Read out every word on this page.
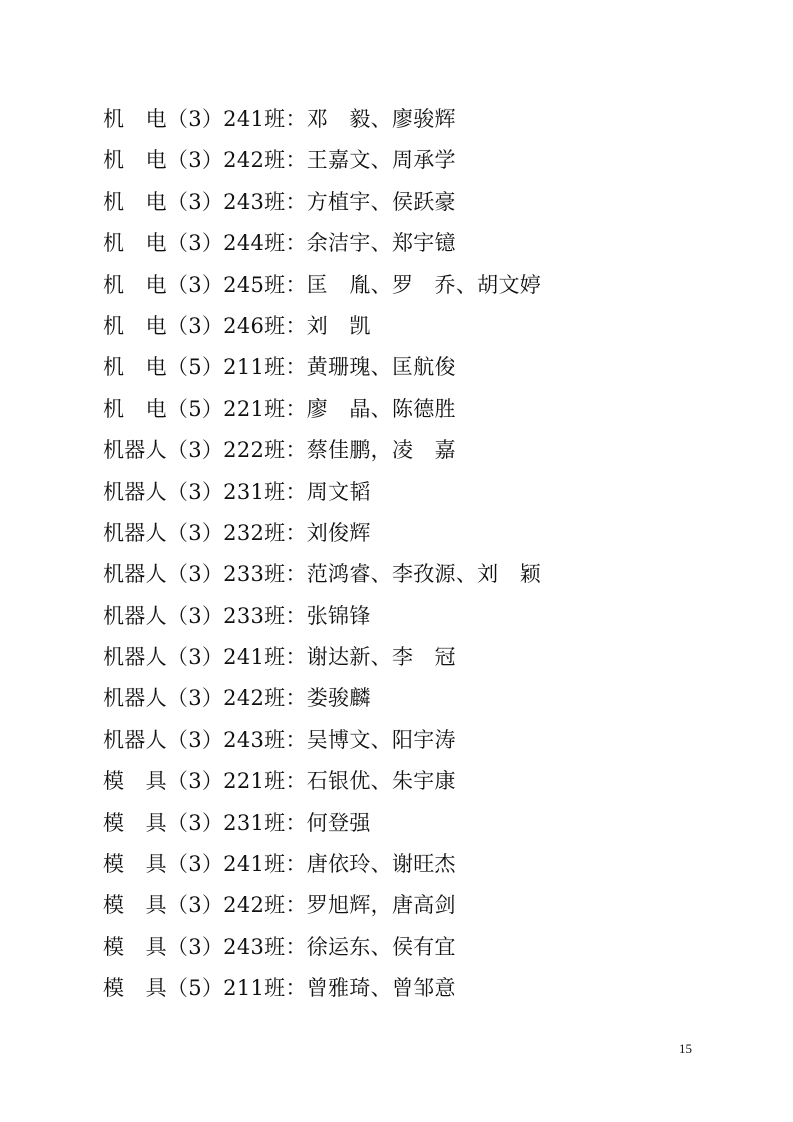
机　电（3）241班：邓　毅、廖骏辉
机　电（3）242班：王嘉文、周承学
机　电（3）243班：方植宇、侯跃豪
机　电（3）244班：余洁宇、郑宇镱
机　电（3）245班：匡　胤、罗　乔、胡文婷
机　电（3）246班：刘　凯
机　电（5）211班：黄珊瑰、匡航俊
机　电（5）221班：廖　晶、陈德胜
机器人（3）222班：蔡佳鹏，凌　嘉
机器人（3）231班：周文韬
机器人（3）232班：刘俊辉
机器人（3）233班：范鸿睿、李孜源、刘　颖
机器人（3）233班：张锦锋
机器人（3）241班：谢达新、李　冠
机器人（3）242班：娄骏麟
机器人（3）243班：吴博文、阳宇涛
模　具（3）221班：石银优、朱宇康
模　具（3）231班：何登强
模　具（3）241班：唐依玲、谢旺杰
模　具（3）242班：罗旭辉，唐高剑
模　具（3）243班：徐运东、侯有宜
模　具（5）211班：曾雅琦、曾邹意
15
